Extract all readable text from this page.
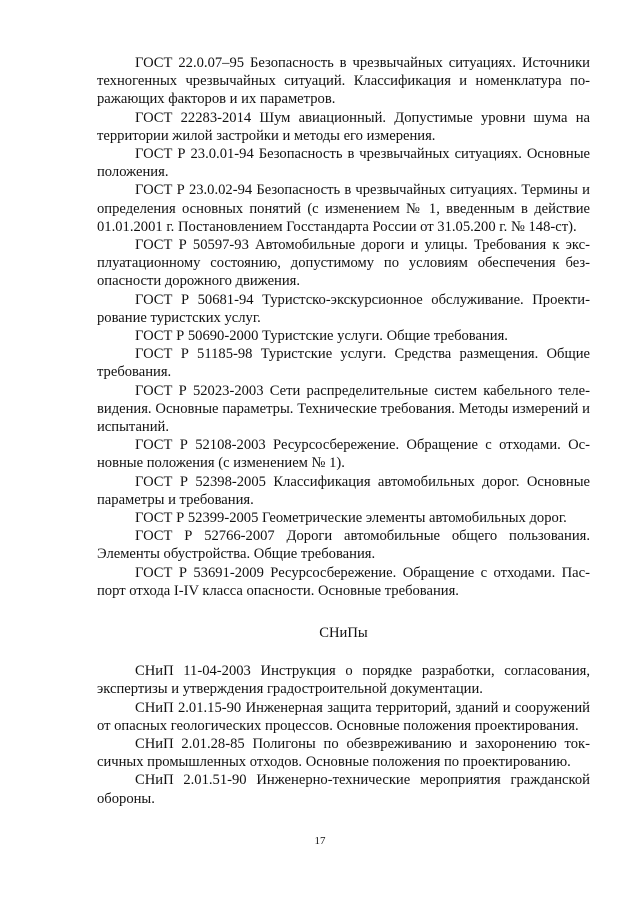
ГОСТ 22.0.07–95 Безопасность в чрезвычайных ситуациях. Источники техногенных чрезвычайных ситуаций. Классификация и номенклатура поражающих факторов и их параметров.

ГОСТ 22283-2014 Шум авиационный. Допустимые уровни шума на территории жилой застройки и методы его измерения.

ГОСТ Р 23.0.01-94 Безопасность в чрезвычайных ситуациях. Основные положения.

ГОСТ Р 23.0.02-94 Безопасность в чрезвычайных ситуациях. Термины и определения основных понятий (с изменением № 1, введенным в действие 01.01.2001 г. Постановлением Госстандарта России от 31.05.200 г. № 148-ст).

ГОСТ Р 50597-93 Автомобильные дороги и улицы. Требования к эксплуатационному состоянию, допустимому по условиям обеспечения безопасности дорожного движения.

ГОСТ Р 50681-94 Туристско-экскурсионное обслуживание. Проектирование туристских услуг.

ГОСТ Р 50690-2000 Туристские услуги. Общие требования.

ГОСТ Р 51185-98 Туристские услуги. Средства размещения. Общие требования.

ГОСТ Р 52023-2003 Сети распределительные систем кабельного телевидения. Основные параметры. Технические требования. Методы измерений и испытаний.

ГОСТ Р 52108-2003 Ресурсосбережение. Обращение с отходами. Основные положения (с изменением № 1).

ГОСТ Р 52398-2005 Классификация автомобильных дорог. Основные параметры и требования.

ГОСТ Р 52399-2005 Геометрические элементы автомобильных дорог.

ГОСТ Р 52766-2007 Дороги автомобильные общего пользования. Элементы обустройства. Общие требования.

ГОСТ Р 53691-2009 Ресурсосбережение. Обращение с отходами. Паспорт отхода I-IV класса опасности. Основные требования.

СНиПы

СНиП 11-04-2003 Инструкция о порядке разработки, согласования, экспертизы и утверждения градостроительной документации.

СНиП 2.01.15-90 Инженерная защита территорий, зданий и сооружений от опасных геологических процессов. Основные положения проектирования.

СНиП 2.01.28-85 Полигоны по обезвреживанию и захоронению токсичных промышленных отходов. Основные положения по проектированию.

СНиП 2.01.51-90 Инженерно-технические мероприятия гражданской обороны.

17
